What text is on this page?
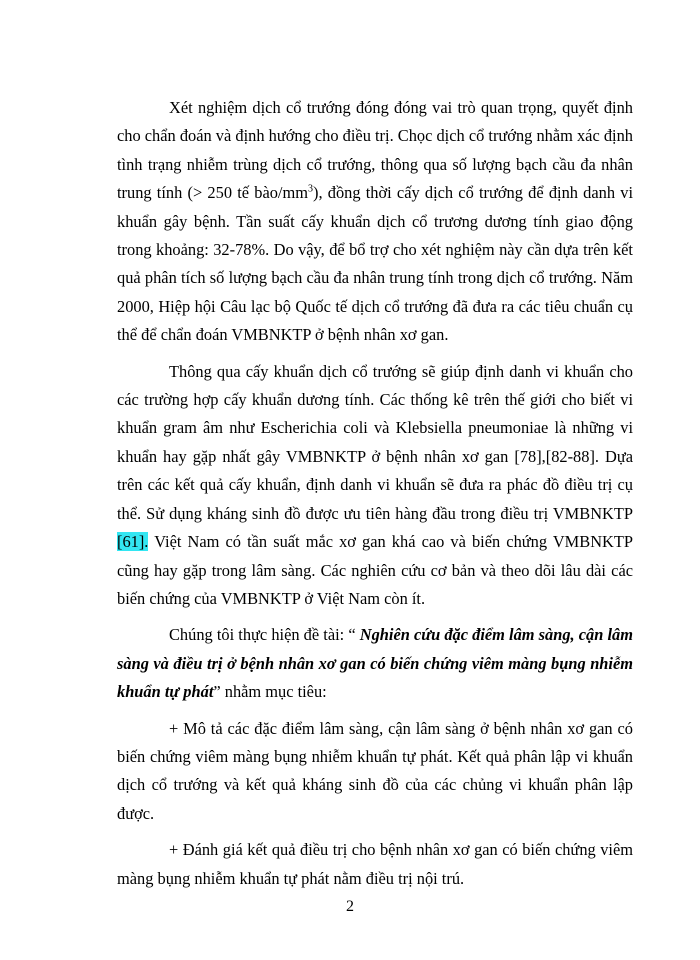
Xét nghiệm dịch cổ trướng đóng đóng vai trò quan trọng, quyết định cho chẩn đoán và định hướng cho điều trị. Chọc dịch cổ trướng nhằm xác định tình trạng nhiễm trùng dịch cổ trướng, thông qua số lượng bạch cầu đa nhân trung tính (> 250 tế bào/$mm^3$), đồng thời cấy dịch cổ trướng để định danh vi khuẩn gây bệnh. Tần suất cấy khuẩn dịch cổ trương dương tính giao động trong khoảng: 32-78%. Do vậy, để bổ trợ cho xét nghiệm này cần dựa trên kết quả phân tích số lượng bạch cầu đa nhân trung tính trong dịch cổ trướng. Năm 2000, Hiệp hội Câu lạc bộ Quốc tế dịch cổ trướng đã đưa ra các tiêu chuẩn cụ thể để chẩn đoán VMBNKTP ở bệnh nhân xơ gan.

Thông qua cấy khuẩn dịch cổ trướng sẽ giúp định danh vi khuẩn cho các trường hợp cấy khuẩn dương tính. Các thống kê trên thế giới cho biết vi khuẩn gram âm như Escherichia coli và Klebsiella pneumoniae là những vi khuẩn hay gặp nhất gây VMBNKTP ở bệnh nhân xơ gan [78],[82-88]. Dựa trên các kết quả cấy khuẩn, định danh vi khuẩn sẽ đưa ra phác đồ điều trị cụ thể. Sử dụng kháng sinh đồ được ưu tiên hàng đầu trong điều trị VMBNKTP [61]. Việt Nam có tần suất mắc xơ gan khá cao và biến chứng VMBNKTP cũng hay gặp trong lâm sàng. Các nghiên cứu cơ bản và theo dõi lâu dài các biến chứng của VMBNKTP ở Việt Nam còn ít.

Chúng tôi thực hiện đề tài: “ Nghiên cứu đặc điểm lâm sàng, cận lâm sàng và điều trị ở bệnh nhân xơ gan có biến chứng viêm màng bụng nhiễm khuẩn tự phát” nhằm mục tiêu:

+ Mô tả các đặc điểm lâm sàng, cận lâm sàng ở bệnh nhân xơ gan có biến chứng viêm màng bụng nhiễm khuẩn tự phát. Kết quả phân lập vi khuẩn dịch cổ trướng và kết quả kháng sinh đồ của các chủng vi khuẩn phân lập được.

+ Đánh giá kết quả điều trị cho bệnh nhân xơ gan có biến chứng viêm màng bụng nhiễm khuẩn tự phát nằm điều trị nội trú.

2
